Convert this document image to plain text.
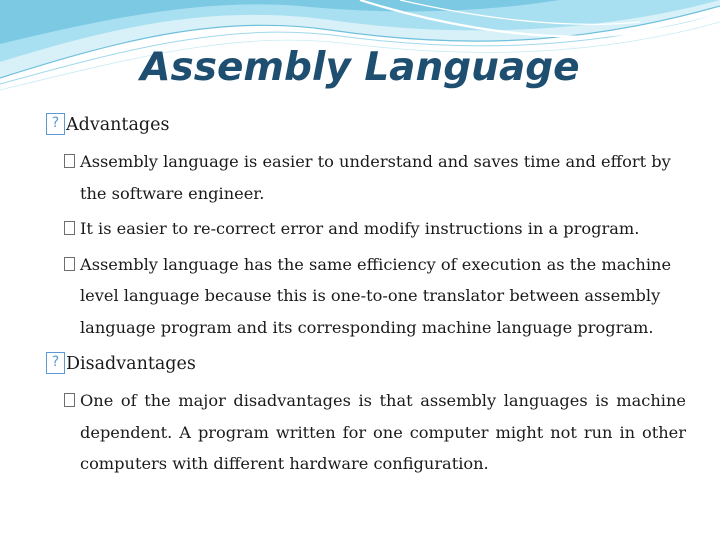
Assembly Language
? Advantages
Assembly language is easier to understand and saves time and effort by the software engineer.
It is easier to re-correct error and modify instructions in a program.
Assembly language has the same efficiency of execution as the machine level language because this is one-to-one translator between assembly language program and its corresponding machine language program.
? Disadvantages
One of the major disadvantages is that assembly languages is machine dependent. A program written for one computer might not run in other computers with different hardware configuration.
